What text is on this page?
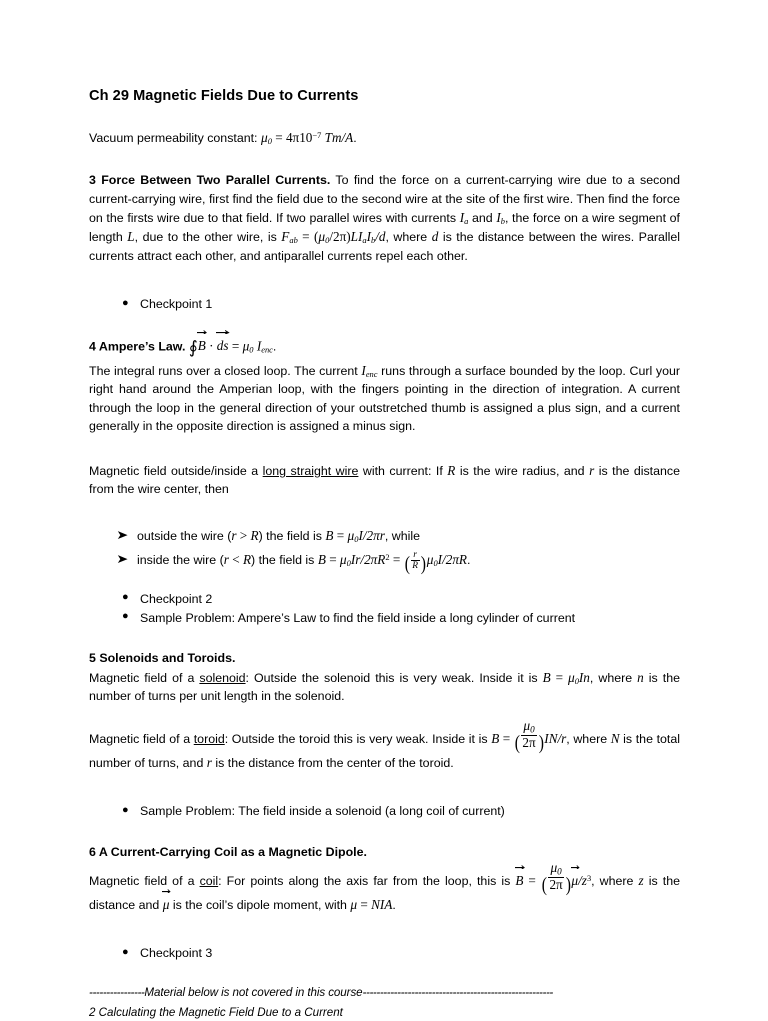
Ch 29 Magnetic Fields Due to Currents

Vacuum permeability constant: $\mu_0 = 4\pi 10^{-7}$ Tm/A.

3 Force Between Two Parallel Currents. To find the force on a current-carrying wire due to a second current-carrying wire, first find the field due to the second wire at the site of the first wire. Then find the force on the firsts wire due to that field. If two parallel wires with currents $I_a$ and $I_b$, the force on a wire segment of length L, due to the other wire, is $F_{ab} = (\mu_0/2\pi)LI_aI_b/d$, where d is the distance between the wires. Parallel currents attract each other, and antiparallel currents repel each other.

● Checkpoint 1

4 Ampere’s Law. ∮
B ·
ds = $\mu_0$ $I_{enc}$.

The integral runs over a closed loop. The current $I_{enc}$ runs through a surface bounded by the loop. Curl your right hand around the Amperian loop, with the fingers pointing in the direction of integration. A current through the loop in the general direction of your outstretched thumb is assigned a plus sign, and a current generally in the opposite direction is assigned a minus sign.

Magnetic field outside/inside a long straight wire with current: If R is the wire radius, and r is the distance from the wire center, then

➤ outside the wire (r > R) the field is $B = \mu_0I/2\pi r$, while
➤ inside the wire (r < R) the field is $B = \mu_0Ir/2\pi R^2$ = ( $\frac{r}{R} )\mu_0I/2\pi R$.
● Checkpoint 2
● Sample Problem: Ampere’s Law to find the field inside a long cylinder of current

5 Solenoids and Toroids.

Magnetic field of a solenoid: Outside the solenoid this is very weak. Inside it is $B = \mu_0In$, where n is the number of turns per unit length in the solenoid.

Magnetic field of a toroid: Outside the toroid this is very weak. Inside it is B = ( $\frac{\mu_0}{2\pi} )IN/r$, where N is the total number of turns, and r is the distance from the center of the toroid.

● Sample Problem: The field inside a solenoid (a long coil of current)

6 A Current-Carrying Coil as a Magnetic Dipole.

Magnetic field of a coil: For points along the axis far from the loop, this is
B = ( $\frac{\mu_0}{2\pi}$ )
$\mu/z^3$, where z is the distance and
μ is the coil’s dipole moment, with μ = NIA.

● Checkpoint 3

----------------Material below is not covered in this course-------------------------------------------------------

2 Calculating the Magnetic Field Due to a Current
